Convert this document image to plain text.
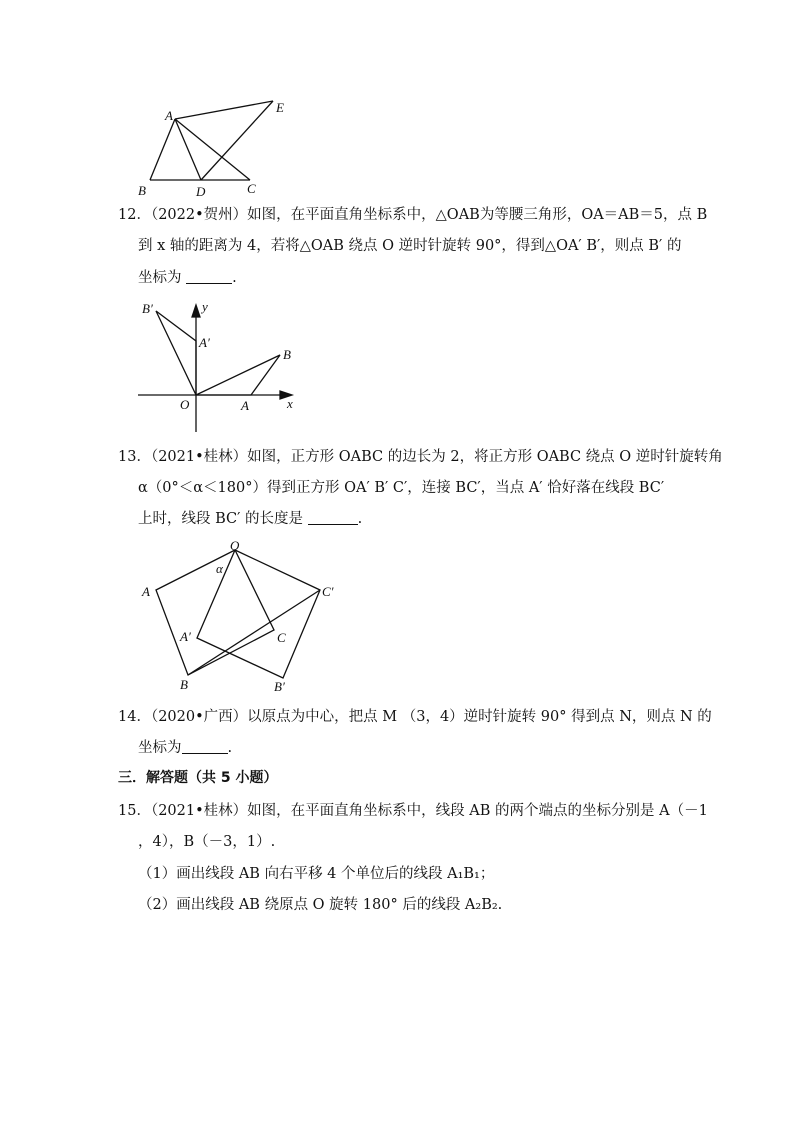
A
E
B	D	C
12．（2022•贺州）如图，在平面直角坐标系中，△OAB为等腰三角形，OA＝AB＝5，点 B
到 x 轴的距离为 4，若将△OAB 绕点 O 逆时针旋转 90°，得到△OA′ B′，则点 B′ 的
坐标为	.
B′	y
A′
B
O	A	x
13．（2021•桂林）如图，正方形 OABC 的边长为 2，将正方形 OABC 绕点 O 逆时针旋转角
α（0°＜α＜180°）得到正方形 OA′ B′ C′，连接 BC′，当点 A′ 恰好落在线段 BC′
上时，线段 BC′ 的长度是	.
O
α
A	C′
A′	C
B	B′
14．（2020•广西）以原点为中心，把点 M （3，4）逆时针旋转 90° 得到点 N，则点 N 的
坐标为	.
三．解答题（共 5 小题）
15．（2021•桂林）如图，在平面直角坐标系中，线段 AB 的两个端点的坐标分别是 A（－1
，4），B（－3，1）.
（1）画出线段 AB 向右平移 4 个单位后的线段 A₁B₁；
（2）画出线段 AB 绕原点 O 旋转 180° 后的线段 A₂B₂.
